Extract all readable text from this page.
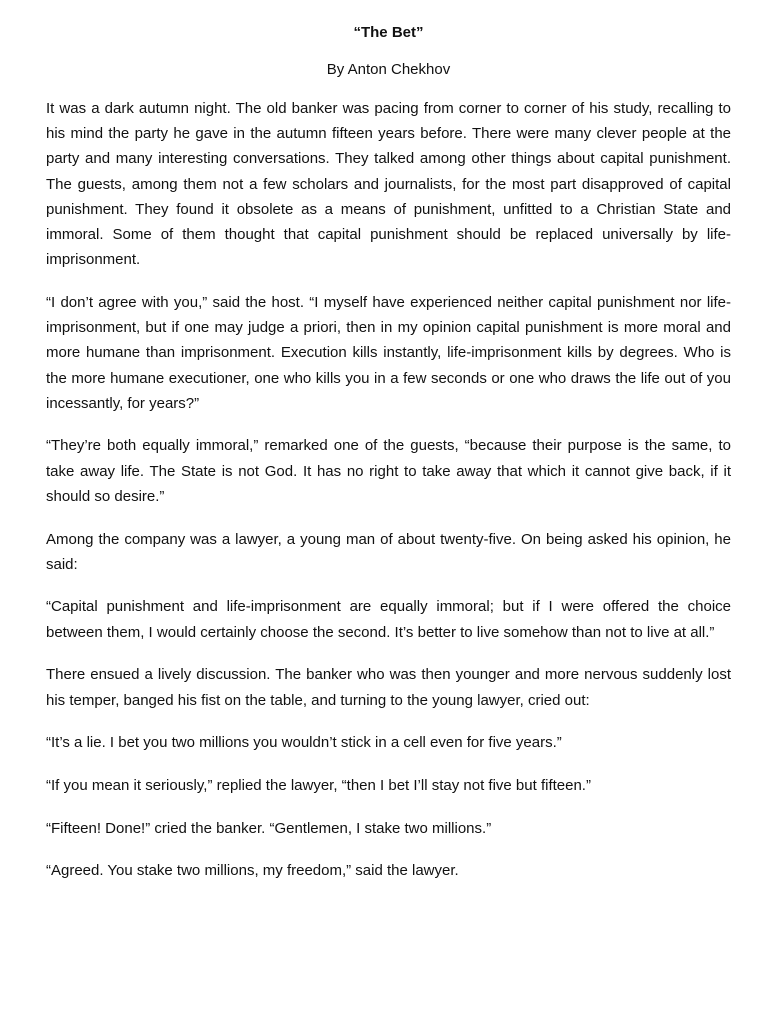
“The Bet”
By Anton Chekhov

It was a dark autumn night. The old banker was pacing from corner to corner of his study, recalling to his mind the party he gave in the autumn fifteen years before. There were many clever people at the party and many interesting conversations. They talked among other things about capital punishment. The guests, among them not a few scholars and journalists, for the most part disapproved of capital punishment. They found it obsolete as a means of punishment, unfitted to a Christian State and immoral. Some of them thought that capital punishment should be replaced universally by life-imprisonment.

“I don’t agree with you,” said the host. “I myself have experienced neither capital punishment nor life-imprisonment, but if one may judge a priori, then in my opinion capital punishment is more moral and more humane than imprisonment. Execution kills instantly, life-imprisonment kills by degrees. Who is the more humane executioner, one who kills you in a few seconds or one who draws the life out of you incessantly, for years?”

“They’re both equally immoral,” remarked one of the guests, “because their purpose is the same, to take away life. The State is not God. It has no right to take away that which it cannot give back, if it should so desire.”

Among the company was a lawyer, a young man of about twenty-five. On being asked his opinion, he said:

“Capital punishment and life-imprisonment are equally immoral; but if I were offered the choice between them, I would certainly choose the second. It’s better to live somehow than not to live at all.”

There ensued a lively discussion. The banker who was then younger and more nervous suddenly lost his temper, banged his fist on the table, and turning to the young lawyer, cried out:

“It’s a lie. I bet you two millions you wouldn’t stick in a cell even for five years.”

“If you mean it seriously,” replied the lawyer, “then I bet I’ll stay not five but fifteen.”

“Fifteen! Done!” cried the banker. “Gentlemen, I stake two millions.”

“Agreed. You stake two millions, my freedom,” said the lawyer.
